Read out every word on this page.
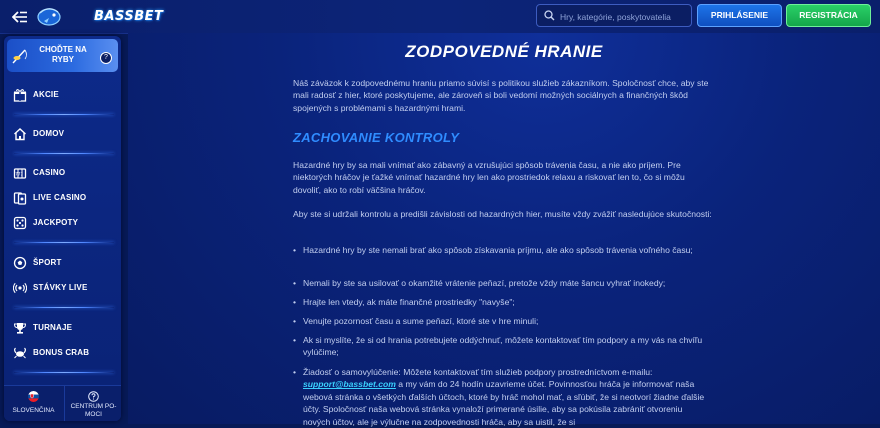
BASSBET
Hry, kategórie, poskytovatelia	PRIHLÁSENIE	REGISTRÁCIA
CHOĎTE NA RYBY	?
AKCIE
DOMOV
777 CASINO
LIVE CASINO
JACKPOTY
ŠPORT
STÁVKY LIVE
TURNAJE
BONUS CRAB
SLOVENČINA
CENTRUM PO-MOCI
ZODPOVEDNÉ HRANIE

Náš záväzok k zodpovednému hraniu priamo súvisí s politikou služieb zákazníkom. Spoločnosť chce, aby ste mali radosť z hier, ktoré poskytujeme, ale zároveň si boli vedomí možných sociálnych a finančných škôd spojených s problémami s hazardnými hrami.

ZACHOVANIE KONTROLY

Hazardné hry by sa mali vnímať ako zábavný a vzrušujúci spôsob trávenia času, a nie ako príjem. Pre niektorých hráčov je ťažké vnímať hazardné hry len ako prostriedok relaxu a riskovať len to, čo si môžu dovoliť, ako to robí väčšina hráčov.

Aby ste si udržali kontrolu a predišli závislosti od hazardných hier, musíte vždy zvážiť nasledujúce skutočnosti:

• Hazardné hry by ste nemali brať ako spôsob získavania príjmu, ale ako spôsob trávenia voľného času;
• Nemali by ste sa usilovať o okamžité vrátenie peňazí, pretože vždy máte šancu vyhrať inokedy;
• Hrajte len vtedy, ak máte finančné prostriedky "navyše";
• Venujte pozornosť času a sume peňazí, ktoré ste v hre minuli;
• Ak si myslíte, že si od hrania potrebujete oddýchnuť, môžete kontaktovať tím podpory a my vás na chvíľu vylúčime;
• Žiadosť o samovylúčenie: Môžete kontaktovať tím služieb podpory prostredníctvom e-mailu: support@bassbet.com a my vám do 24 hodín uzavrieme účet. Povinnosťou hráča je informovať naša webová stránka o všetkých ďalších účtoch, ktoré by hráč mohol mať, a sľúbiť, že si neotvorí žiadne ďalšie účty. Spoločnosť naša webová stránka vynaloží primerané úsilie, aby sa pokúsila zabrániť otvoreniu nových účtov, ale je výlučne na zodpovednosti hráča, aby sa uistil, že si
